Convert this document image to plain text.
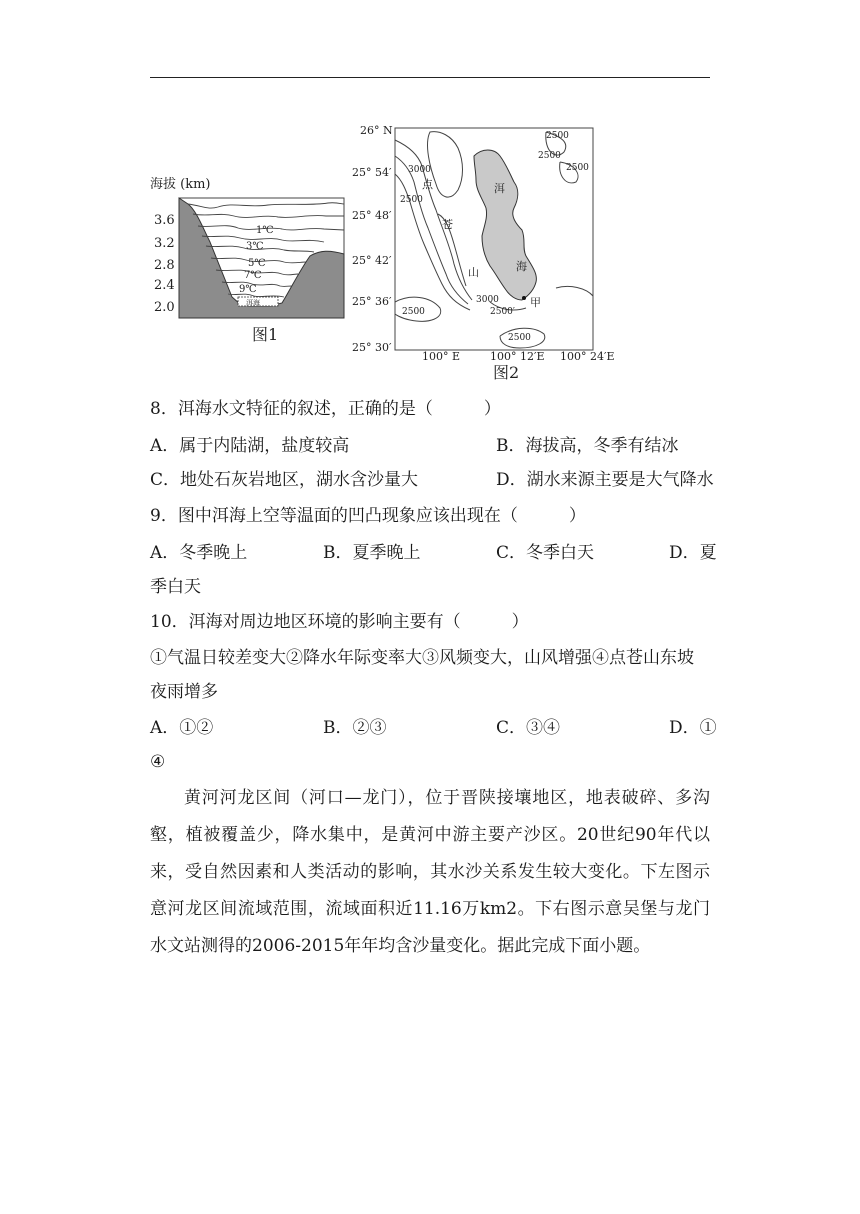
海拔 (km)
3.6
3.2
2.8
2.4
2.0
1℃
3℃
5℃
7℃
9℃
洱海
图1
26° N
25° 54′
25° 48′
25° 42′
25° 36′
25° 30′
2500
2500
2500
3000
2500
3000
2500′
2500
2500
点
苍
山
洱
海
甲
100° E	100° 12′E 100° 24′E
图2
8．洱海水文特征的叙述，正确的是（　　　）
A．属于内陆湖，盐度较高	B．海拔高，冬季有结冰
C．地处石灰岩地区，湖水含沙量大	D．湖水来源主要是大气降水
9．图中洱海上空等温面的凹凸现象应该出现在（　　　）
A．冬季晚上	B．夏季晚上	C．冬季白天	D．夏
季白天
10．洱海对周边地区环境的影响主要有（　　　）
①气温日较差变大②降水年际变率大③风频变大，山风增强④点苍山东坡
夜雨增多
A．①②	B．②③	C．③④	D．①
④

黄河河龙区间（河口—龙门），位于晋陕接壤地区，地表破碎、多沟壑，植被覆盖少，降水集中，是黄河中游主要产沙区。20世纪90年代以来，受自然因素和人类活动的影响，其水沙关系发生较大变化。下左图示意河龙区间流域范围，流域面积近11.16万km2。下右图示意吴堡与龙门水文站测得的2006-2015年年均含沙量变化。据此完成下面小题。
